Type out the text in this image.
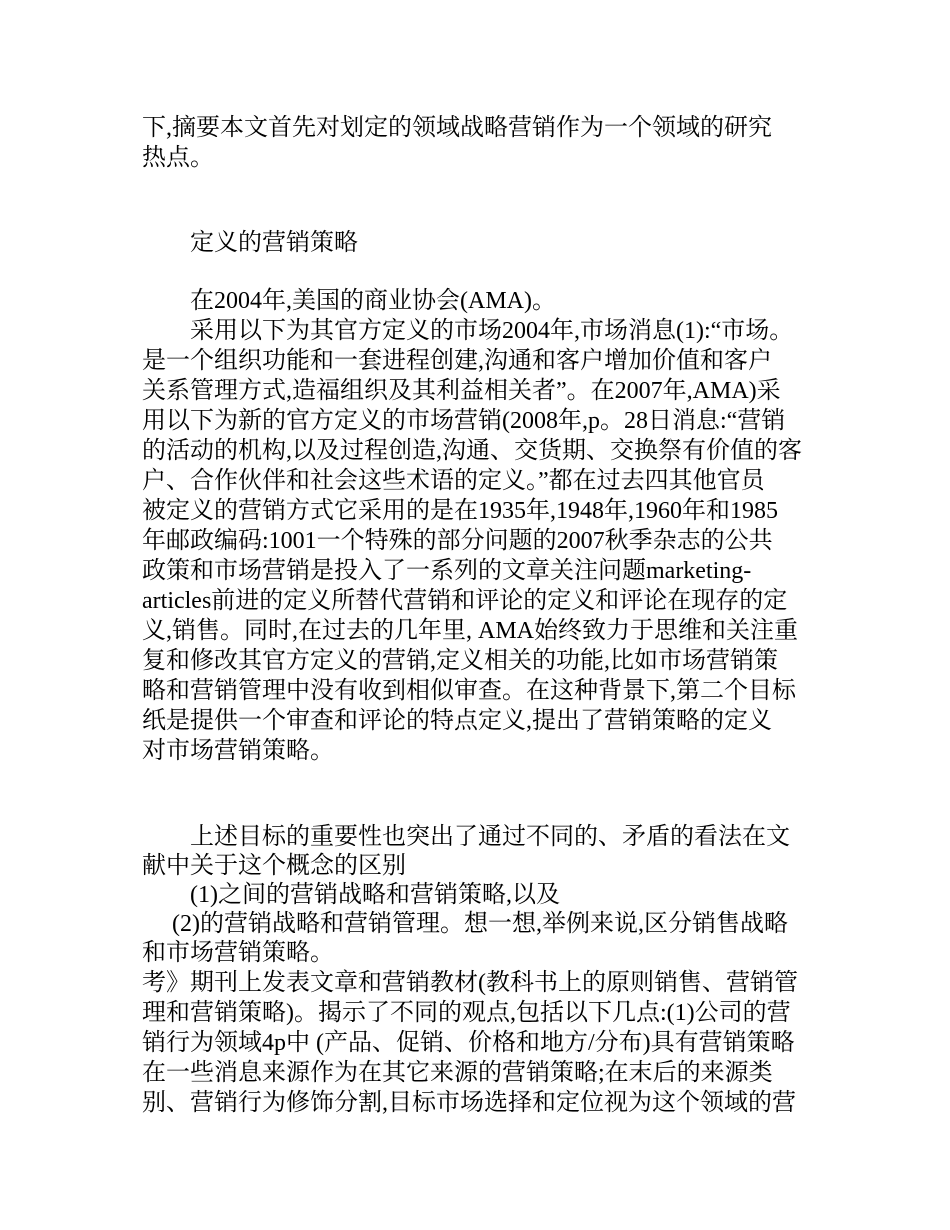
下,摘要本文首先对划定的领域战略营销作为一个领域的研究
热点。
定义的营销策略
在2004年,美国的商业协会(AMA)。
采用以下为其官方定义的市场2004年,市场消息(1):“市场。
是一个组织功能和一套进程创建,沟通和客户增加价值和客户
关系管理方式,造福组织及其利益相关者”。在2007年,AMA)采
用以下为新的官方定义的市场营销(2008年,p。28日消息:“营销
的活动的机构,以及过程创造,沟通、交货期、交换祭有价值的客
户、合作伙伴和社会这些术语的定义。”都在过去四其他官员
被定义的营销方式它采用的是在1935年,1948年,1960年和1985
年邮政编码:1001一个特殊的部分问题的2007秋季杂志的公共
政策和市场营销是投入了一系列的文章关注问题marketing-
articles前进的定义所替代营销和评论的定义和评论在现存的定
义,销售。同时,在过去的几年里, AMA始终致力于思维和关注重
复和修改其官方定义的营销,定义相关的功能,比如市场营销策
略和营销管理中没有收到相似审查。在这种背景下,第二个目标
纸是提供一个审查和评论的特点定义,提出了营销策略的定义
对市场营销策略。
上述目标的重要性也突出了通过不同的、矛盾的看法在文
献中关于这个概念的区别
(1)之间的营销战略和营销策略,以及
(2)的营销战略和营销管理。想一想,举例来说,区分销售战略
和市场营销策略。
考》期刊上发表文章和营销教材(教科书上的原则销售、营销管
理和营销策略)。揭示了不同的观点,包括以下几点:(1)公司的营
销行为领域4p中 (产品、促销、价格和地方/分布)具有营销策略
在一些消息来源作为在其它来源的营销策略;在末后的来源类
别、营销行为修饰分割,目标市场选择和定位视为这个领域的营
